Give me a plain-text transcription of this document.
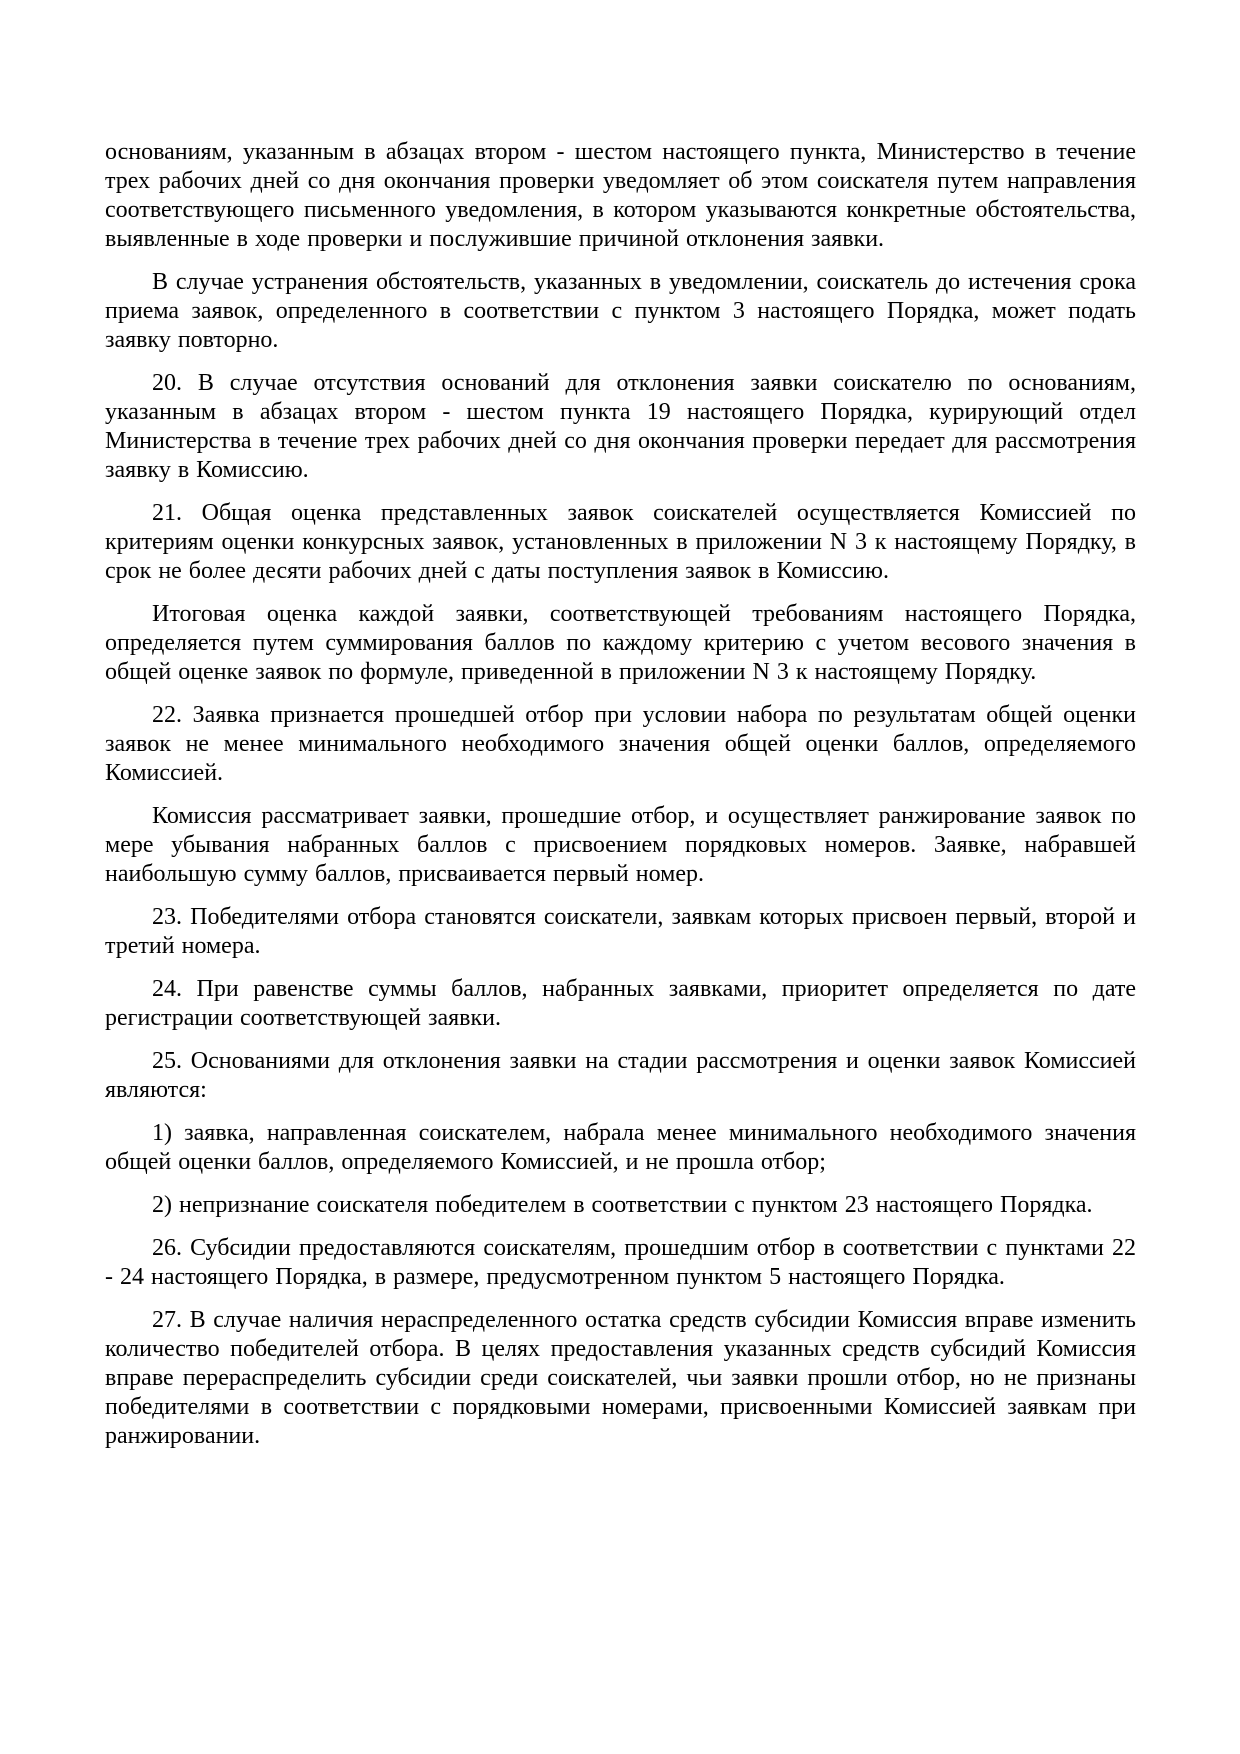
основаниям, указанным в абзацах втором - шестом настоящего пункта, Министерство в течение трех рабочих дней со дня окончания проверки уведомляет об этом соискателя путем направления соответствующего письменного уведомления, в котором указываются конкретные обстоятельства, выявленные в ходе проверки и послужившие причиной отклонения заявки.

В случае устранения обстоятельств, указанных в уведомлении, соискатель до истечения срока приема заявок, определенного в соответствии с пунктом 3 настоящего Порядка, может подать заявку повторно.

20. В случае отсутствия оснований для отклонения заявки соискателю по основаниям, указанным в абзацах втором - шестом пункта 19 настоящего Порядка, курирующий отдел Министерства в течение трех рабочих дней со дня окончания проверки передает для рассмотрения заявку в Комиссию.

21. Общая оценка представленных заявок соискателей осуществляется Комиссией по критериям оценки конкурсных заявок, установленных в приложении N 3 к настоящему Порядку, в срок не более десяти рабочих дней с даты поступления заявок в Комиссию.

Итоговая оценка каждой заявки, соответствующей требованиям настоящего Порядка, определяется путем суммирования баллов по каждому критерию с учетом весового значения в общей оценке заявок по формуле, приведенной в приложении N 3 к настоящему Порядку.

22. Заявка признается прошедшей отбор при условии набора по результатам общей оценки заявок не менее минимального необходимого значения общей оценки баллов, определяемого Комиссией.

Комиссия рассматривает заявки, прошедшие отбор, и осуществляет ранжирование заявок по мере убывания набранных баллов с присвоением порядковых номеров. Заявке, набравшей наибольшую сумму баллов, присваивается первый номер.

23. Победителями отбора становятся соискатели, заявкам которых присвоен первый, второй и третий номера.

24. При равенстве суммы баллов, набранных заявками, приоритет определяется по дате регистрации соответствующей заявки.

25. Основаниями для отклонения заявки на стадии рассмотрения и оценки заявок Комиссией являются:

1) заявка, направленная соискателем, набрала менее минимального необходимого значения общей оценки баллов, определяемого Комиссией, и не прошла отбор;

2) непризнание соискателя победителем в соответствии с пунктом 23 настоящего Порядка.

26. Субсидии предоставляются соискателям, прошедшим отбор в соответствии с пунктами 22 - 24 настоящего Порядка, в размере, предусмотренном пунктом 5 настоящего Порядка.

27. В случае наличия нераспределенного остатка средств субсидии Комиссия вправе изменить количество победителей отбора. В целях предоставления указанных средств субсидий Комиссия вправе перераспределить субсидии среди соискателей, чьи заявки прошли отбор, но не признаны победителями в соответствии с порядковыми номерами, присвоенными Комиссией заявкам при ранжировании.
